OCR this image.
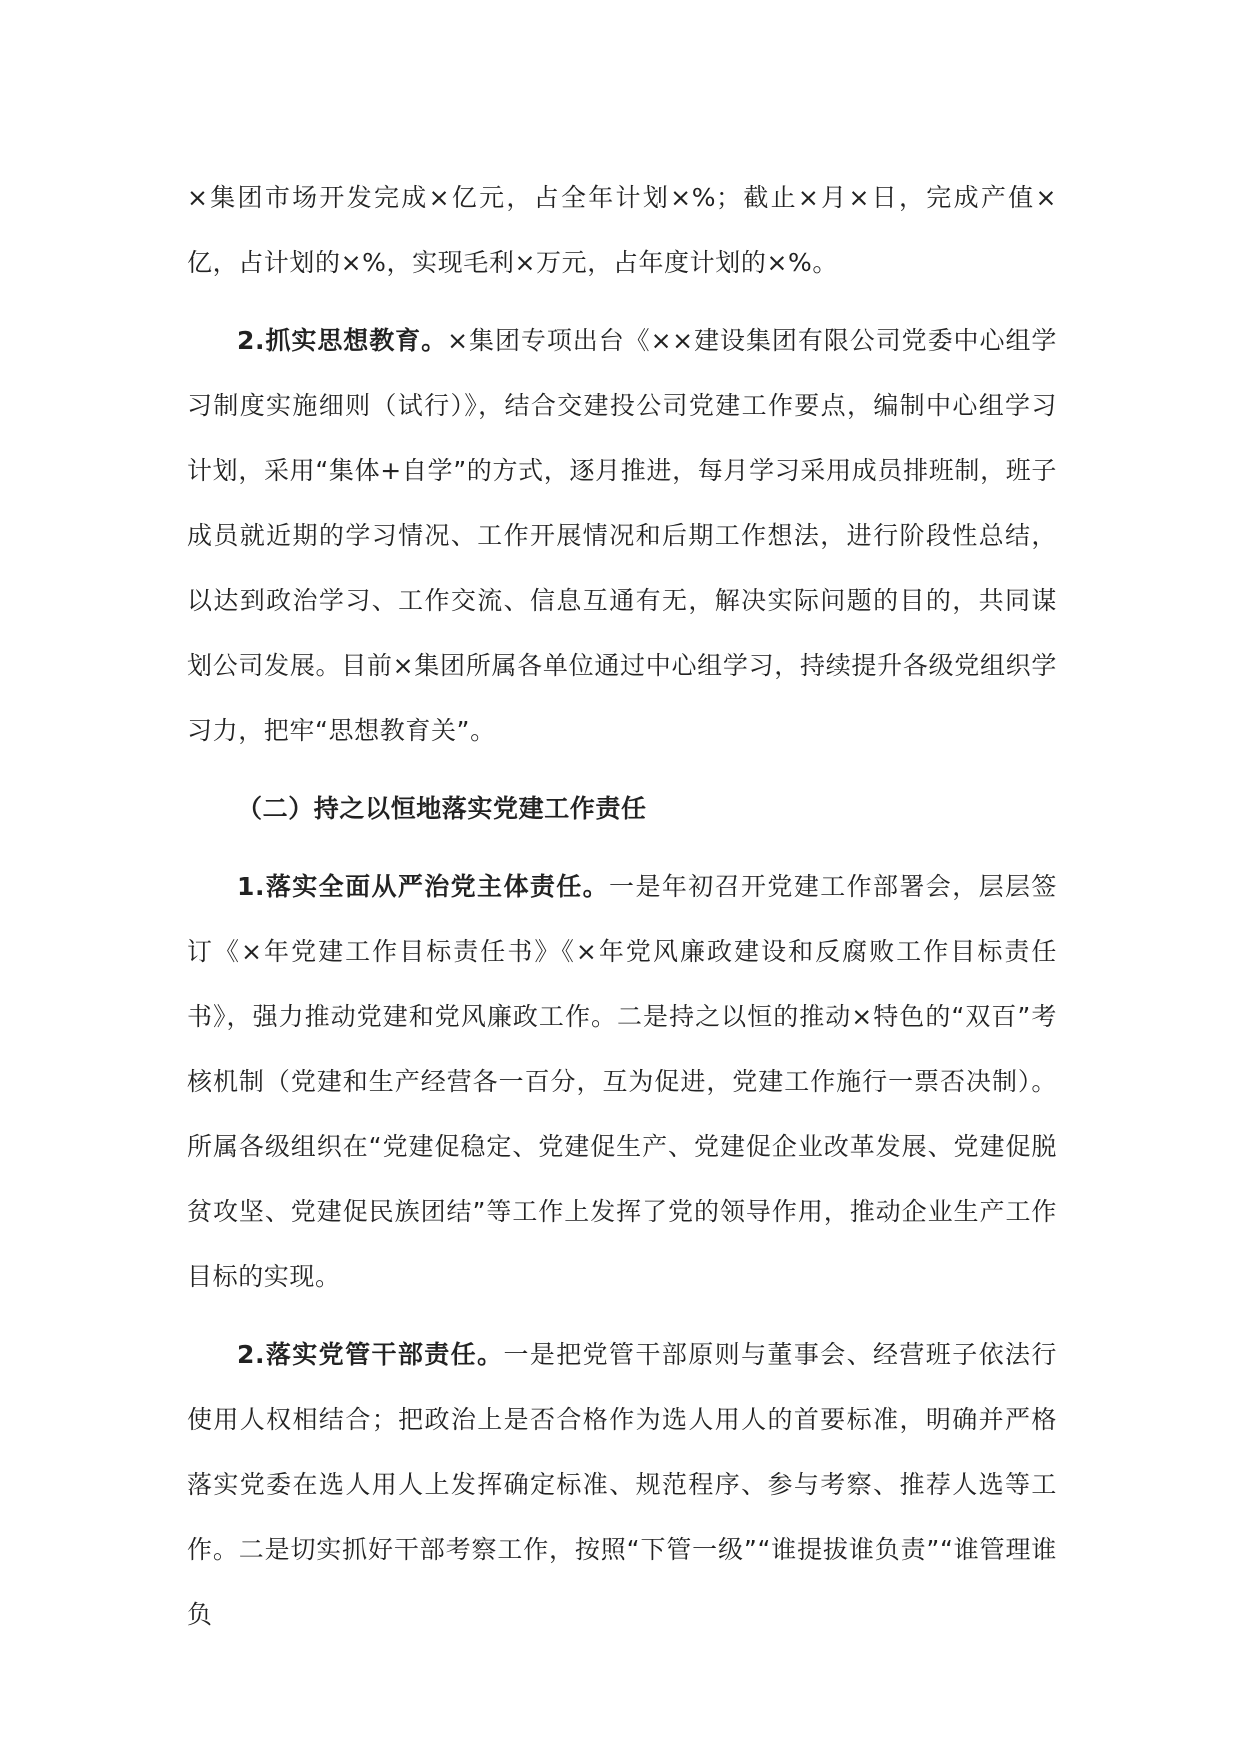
×集团市场开发完成×亿元，占全年计划×%；截止×月×日，完成产值×亿，占计划的×%，实现毛利×万元，占年度计划的×%。

2.抓实思想教育。×集团专项出台《××建设集团有限公司党委中心组学习制度实施细则（试行）》，结合交建投公司党建工作要点，编制中心组学习计划，采用“集体+自学”的方式，逐月推进，每月学习采用成员排班制，班子成员就近期的学习情况、工作开展情况和后期工作想法，进行阶段性总结，以达到政治学习、工作交流、信息互通有无，解决实际问题的目的，共同谋划公司发展。目前×集团所属各单位通过中心组学习，持续提升各级党组织学习力，把牢“思想教育关”。

（二）持之以恒地落实党建工作责任

1.落实全面从严治党主体责任。一是年初召开党建工作部署会，层层签订《×年党建工作目标责任书》《×年党风廉政建设和反腐败工作目标责任书》，强力推动党建和党风廉政工作。二是持之以恒的推动×特色的“双百”考核机制（党建和生产经营各一百分，互为促进，党建工作施行一票否决制）。所属各级组织在“党建促稳定、党建促生产、党建促企业改革发展、党建促脱贫攻坚、党建促民族团结”等工作上发挥了党的领导作用，推动企业生产工作目标的实现。

2.落实党管干部责任。一是把党管干部原则与董事会、经营班子依法行使用人权相结合；把政治上是否合格作为选人用人的首要标准，明确并严格落实党委在选人用人上发挥确定标准、规范程序、参与考察、推荐人选等工作。二是切实抓好干部考察工作，按照“下管一级”“谁提拔谁负责”“谁管理谁负
